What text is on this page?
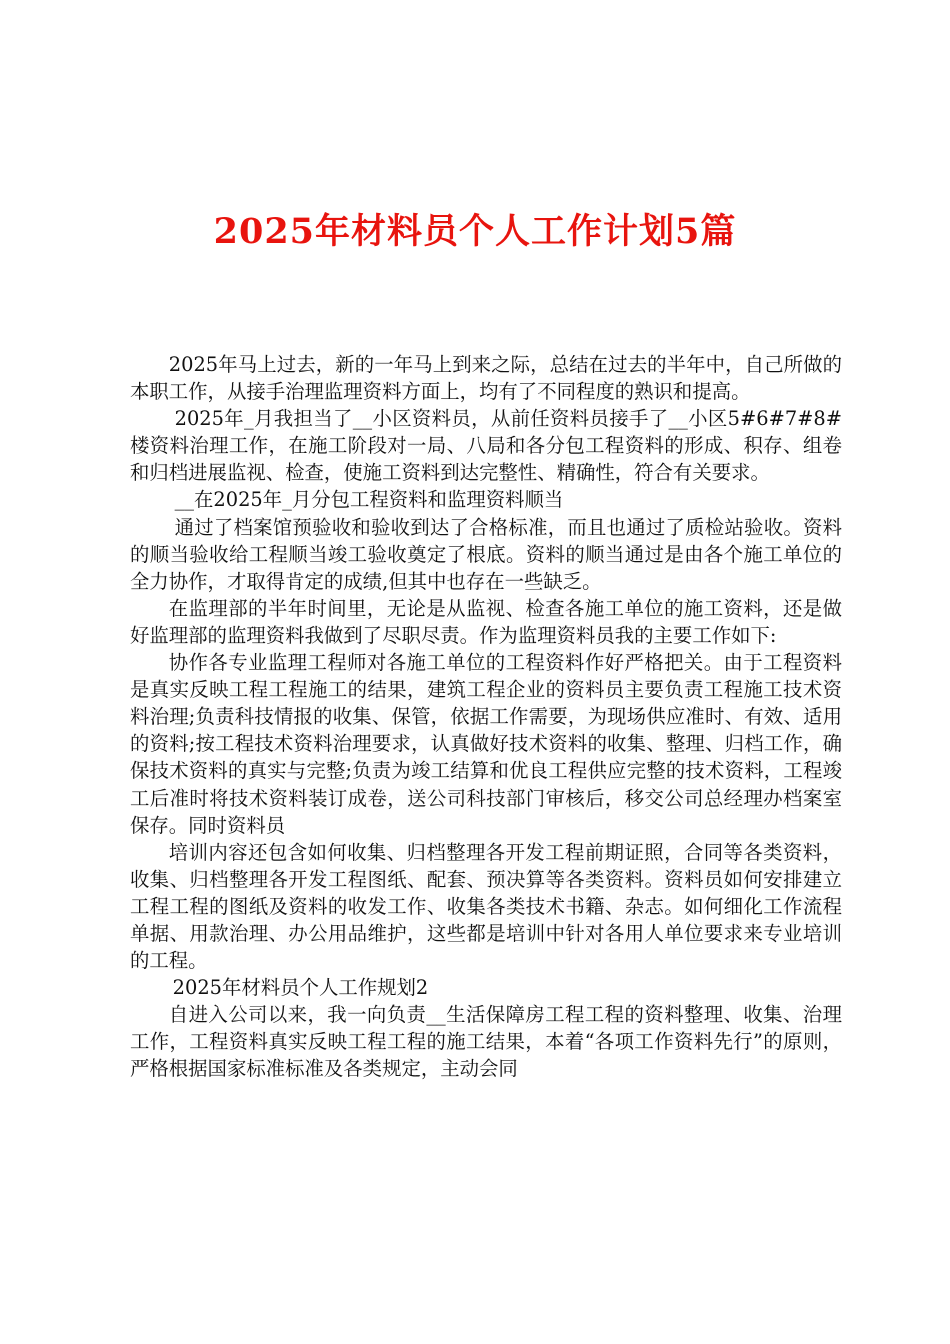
2025年材料员个人工作计划5篇

2025年马上过去，新的一年马上到来之际，总结在过去的半年中，自己所做的本职工作，从接手治理监理资料方面上，均有了不同程度的熟识和提高。

2025年_月我担当了__小区资料员，从前任资料员接手了__小区5#6#7#8#楼资料治理工作，在施工阶段对一局、八局和各分包工程资料的形成、积存、组卷和归档进展监视、检查，使施工资料到达完整性、精确性，符合有关要求。

__在2025年_月分包工程资料和监理资料顺当

通过了档案馆预验收和验收到达了合格标准，而且也通过了质检站验收。资料的顺当验收给工程顺当竣工验收奠定了根底。资料的顺当通过是由各个施工单位的全力协作，才取得肯定的成绩,但其中也存在一些缺乏。

在监理部的半年时间里，无论是从监视、检查各施工单位的施工资料，还是做好监理部的监理资料我做到了尽职尽责。作为监理资料员我的主要工作如下:

协作各专业监理工程师对各施工单位的工程资料作好严格把关。由于工程资料是真实反映工程工程施工的结果，建筑工程企业的资料员主要负责工程施工技术资料治理;负责科技情报的收集、保管，依据工作需要，为现场供应准时、有效、适用的资料;按工程技术资料治理要求，认真做好技术资料的收集、整理、归档工作，确保技术资料的真实与完整;负责为竣工结算和优良工程供应完整的技术资料，工程竣工后准时将技术资料装订成卷，送公司科技部门审核后，移交公司总经理办档案室保存。同时资料员

培训内容还包含如何收集、归档整理各开发工程前期证照，合同等各类资料，收集、归档整理各开发工程图纸、配套、预决算等各类资料。资料员如何安排建立工程工程的图纸及资料的收发工作、收集各类技术书籍、杂志。如何细化工作流程单据、用款治理、办公用品维护，这些都是培训中针对各用人单位要求来专业培训的工程。

2025年材料员个人工作规划2

自进入公司以来，我一向负责__生活保障房工程工程的资料整理、收集、治理工作，工程资料真实反映工程工程的施工结果，本着“各项工作资料先行”的原则，严格根据国家标准标准及各类规定，主动会同
